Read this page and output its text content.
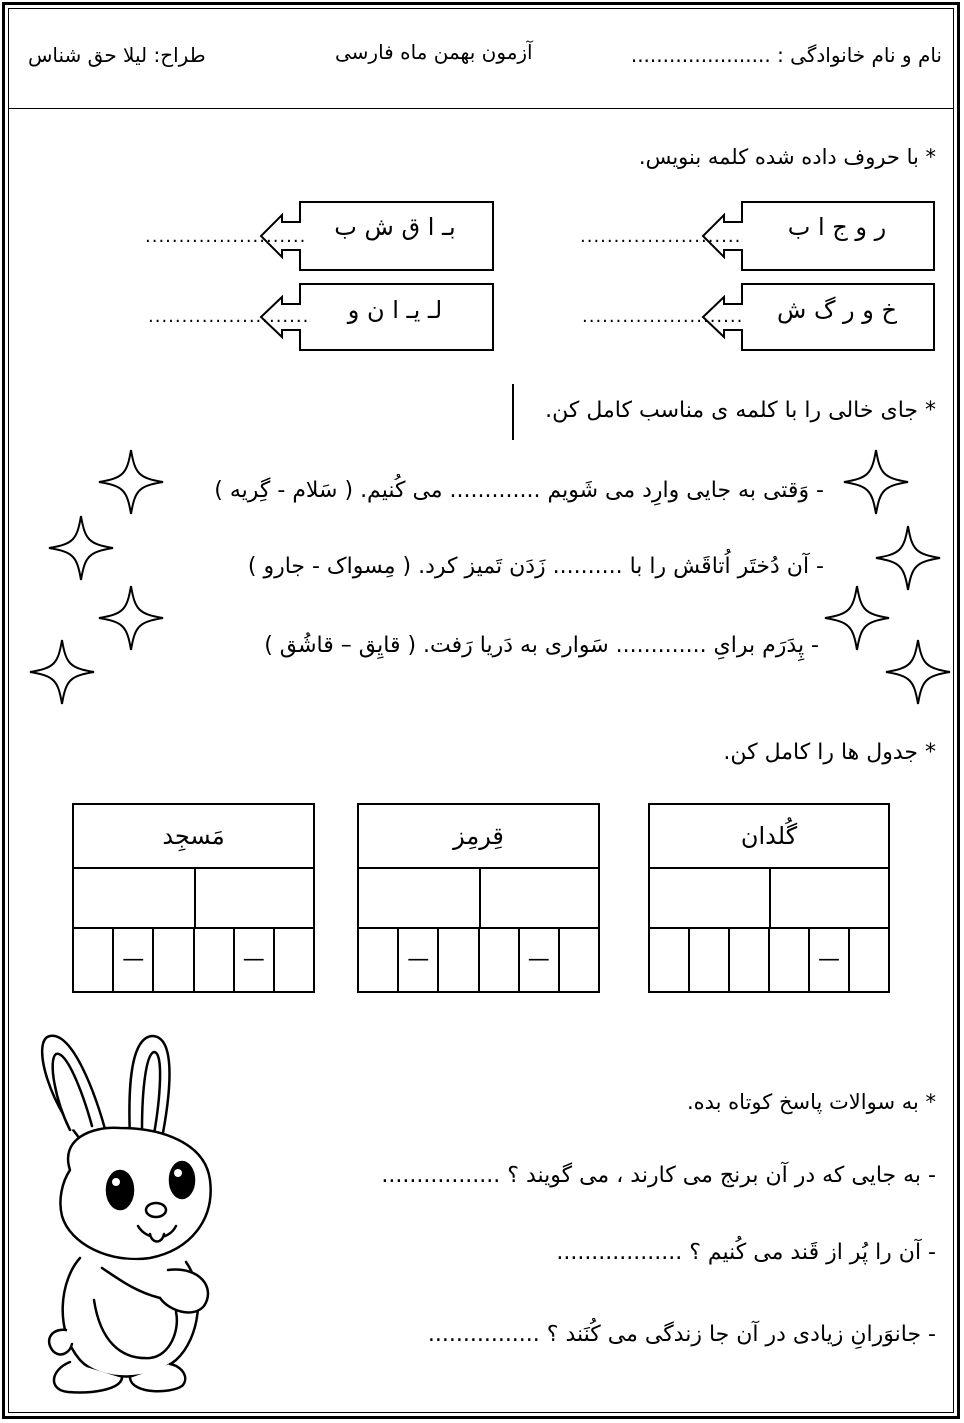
نام و نام خانوادگی : ......................
آزمون بهمن ماه فارسی
طراح: لیلا حق شناس
* با حروف داده شده کلمه بنویس.
ر و ج ا ب
........................
بـ ا ق ش ب
........................
خ و ر گ ش
........................
لـ یـ ا ن و
........................
* جای خالی را با کلمه ی مناسب کامل کن.
- وَقتی به جایی وارِد می شَویم ............. می کُنیم. ( سَلام - گِریه )
- آن دُختَر اُتاقَش را با .......... زَدَن تَمیز کرد. ( مِسواک - جارو )
- پِدَرَم برایِ ............. سَواری به دَریا رَفت. ( قایِق – قاشُق )
* جدول ها را کامل کن.
گُلدان
—
قِرمِز
—	—
مَسجِد
—	—
* به سوالات پاسخ کوتاه بده.
- به جایی که در آن برنج می کارند ، می گویند ؟ .................
- آن را پُر از قَند می کُنیم ؟ ..................
- جانوَرانِ زیادی در آن جا زندگی می کُنَند ؟ ................
